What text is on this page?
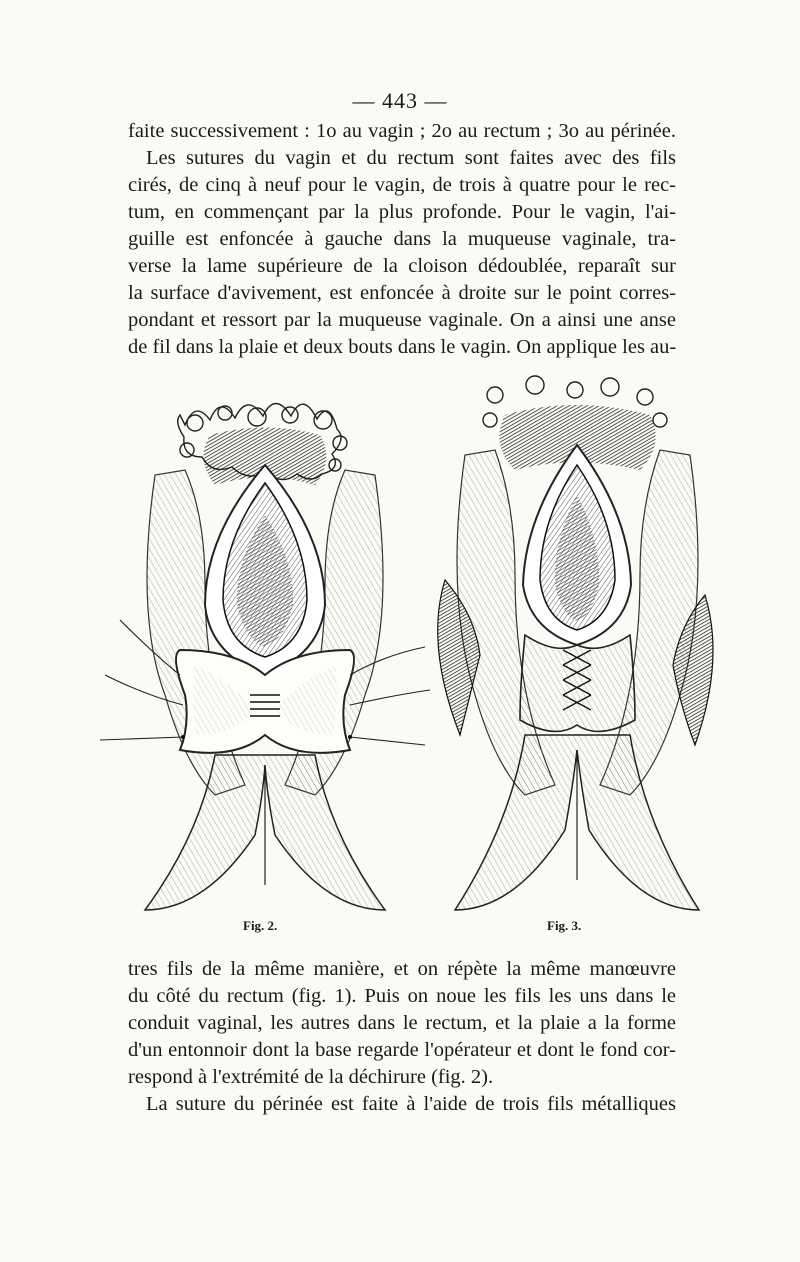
— 443 —
faite successivement : 1o au vagin ; 2o au rectum ; 3o au périnée.
Les sutures du vagin et du rectum sont faites avec des fils
cirés, de cinq à neuf pour le vagin, de trois à quatre pour le rec-
tum, en commençant par la plus profonde. Pour le vagin, l'ai-
guille est enfoncée à gauche dans la muqueuse vaginale, tra-
verse la lame supérieure de la cloison dédoublée, reparaît sur
la surface d'avivement, est enfoncée à droite sur le point corres-
pondant et ressort par la muqueuse vaginale. On a ainsi une anse
de fil dans la plaie et deux bouts dans le vagin. On applique les au-
Fig. 2.	Fig. 3.
tres fils de la même manière, et on répète la même manœuvre
du côté du rectum (fig. 1). Puis on noue les fils les uns dans le
conduit vaginal, les autres dans le rectum, et la plaie a la forme
d'un entonnoir dont la base regarde l'opérateur et dont le fond cor-
respond à l'extrémité de la déchirure (fig. 2).
La suture du périnée est faite à l'aide de trois fils métalliques
